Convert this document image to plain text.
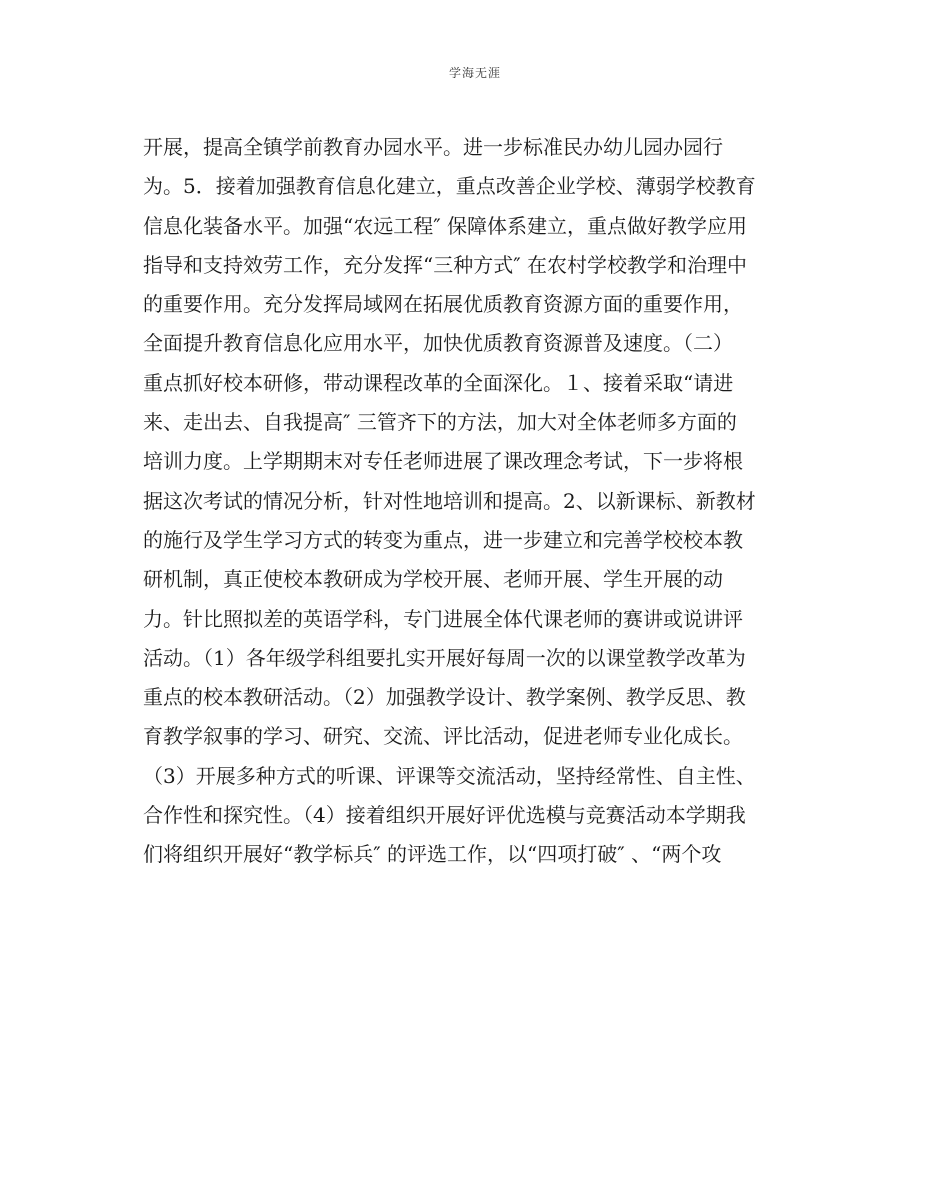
学海无涯
开展，提高全镇学前教育办园水平。进一步标准民办幼儿园办园行
为。5．接着加强教育信息化建立，重点改善企业学校、薄弱学校教育
信息化装备水平。加强“农远工程″ 保障体系建立，重点做好教学应用
指导和支持效劳工作，充分发挥“三种方式″ 在农村学校教学和治理中
的重要作用。充分发挥局域网在拓展优质教育资源方面的重要作用，
全面提升教育信息化应用水平，加快优质教育资源普及速度。（二）
重点抓好校本研修，带动课程改革的全面深化。１、接着采取“请进
来、走出去、自我提高″ 三管齐下的方法，加大对全体老师多方面的
培训力度。上学期期末对专任老师进展了课改理念考试，下一步将根
据这次考试的情况分析，针对性地培训和提高。2、以新课标、新教材
的施行及学生学习方式的转变为重点，进一步建立和完善学校校本教
研机制，真正使校本教研成为学校开展、老师开展、学生开展的动
力。针比照拟差的英语学科，专门进展全体代课老师的赛讲或说讲评
活动。（1）各年级学科组要扎实开展好每周一次的以课堂教学改革为
重点的校本教研活动。（2）加强教学设计、教学案例、教学反思、教
育教学叙事的学习、研究、交流、评比活动，促进老师专业化成长。
（3）开展多种方式的听课、评课等交流活动，坚持经常性、自主性、
合作性和探究性。（4）接着组织开展好评优选模与竞赛活动本学期我
们将组织开展好“教学标兵″ 的评选工作，以“四项打破″ 、“两个攻
